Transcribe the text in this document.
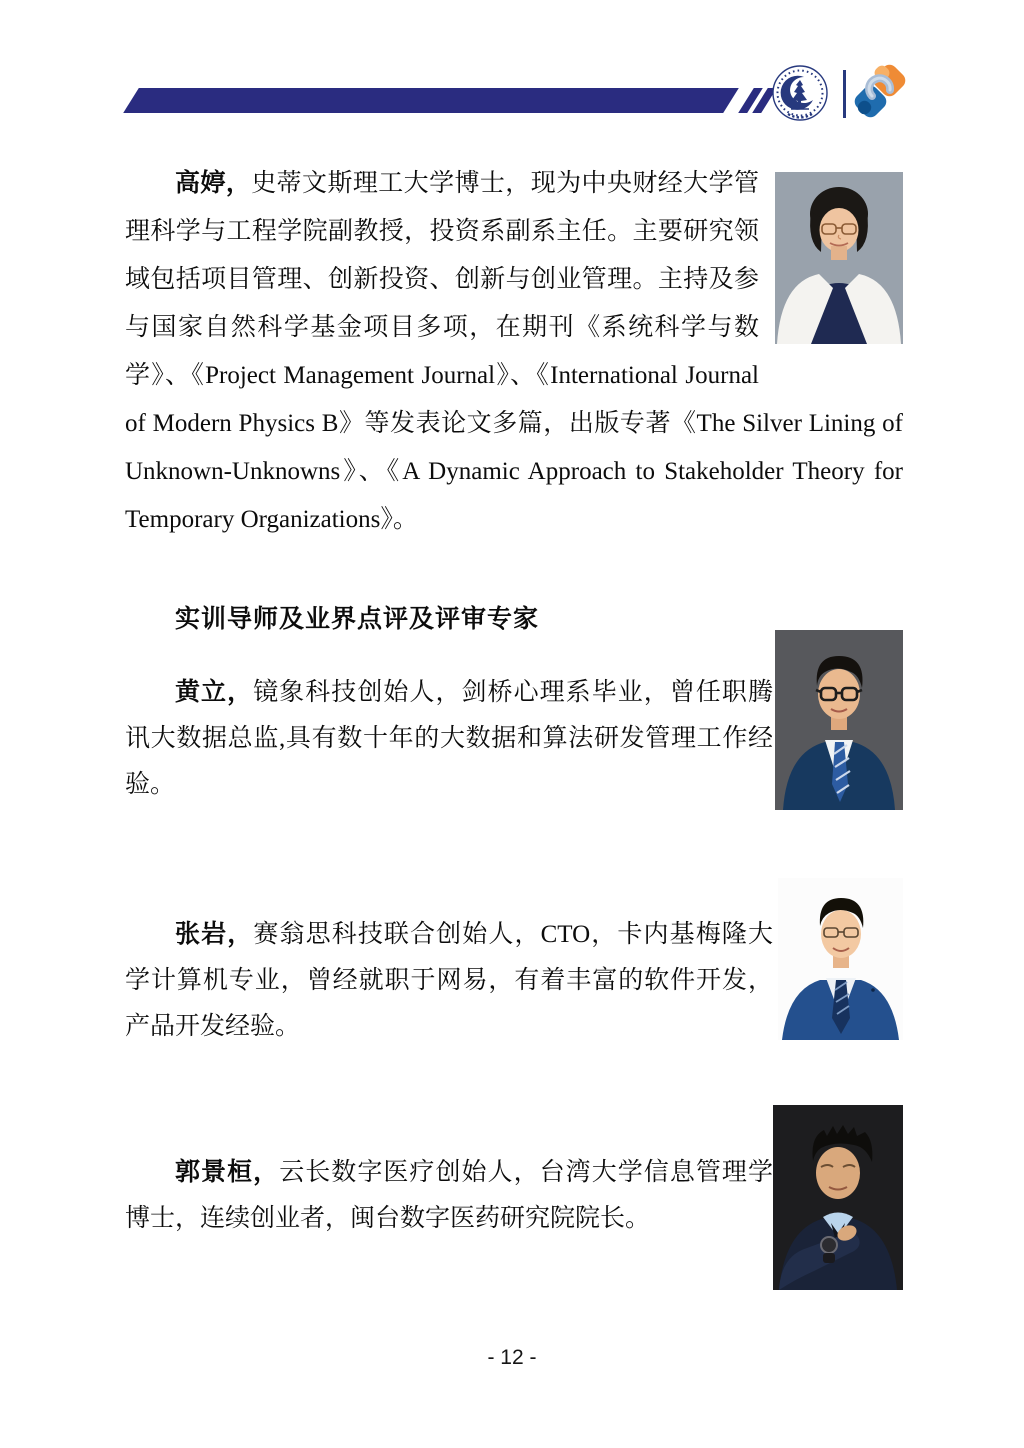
高婷，史蒂文斯理工大学博士，现为中央财经大学管理科学与工程学院副教授，投资系副系主任。主要研究领域包括项目管理、创新投资、创新与创业管理。主持及参与国家自然科学基金项目多项，在期刊《系统科学与数学》、《Project Management Journal》、《International Journal of Modern Physics B》等发表论文多篇，出版专著《The Silver Lining of Unknown-Unknowns》、《A Dynamic Approach to Stakeholder Theory for Temporary Organizations》。

实训导师及业界点评及评审专家

黄立，镜象科技创始人，剑桥心理系毕业，曾任职腾讯大数据总监,具有数十年的大数据和算法研发管理工作经验。

张岩，赛翁思科技联合创始人，CTO，卡内基梅隆大学计算机专业，曾经就职于网易，有着丰富的软件开发，产品开发经验。

郭景桓，云长数字医疗创始人，台湾大学信息管理学博士，连续创业者，闽台数字医药研究院院长。

- 12 -
